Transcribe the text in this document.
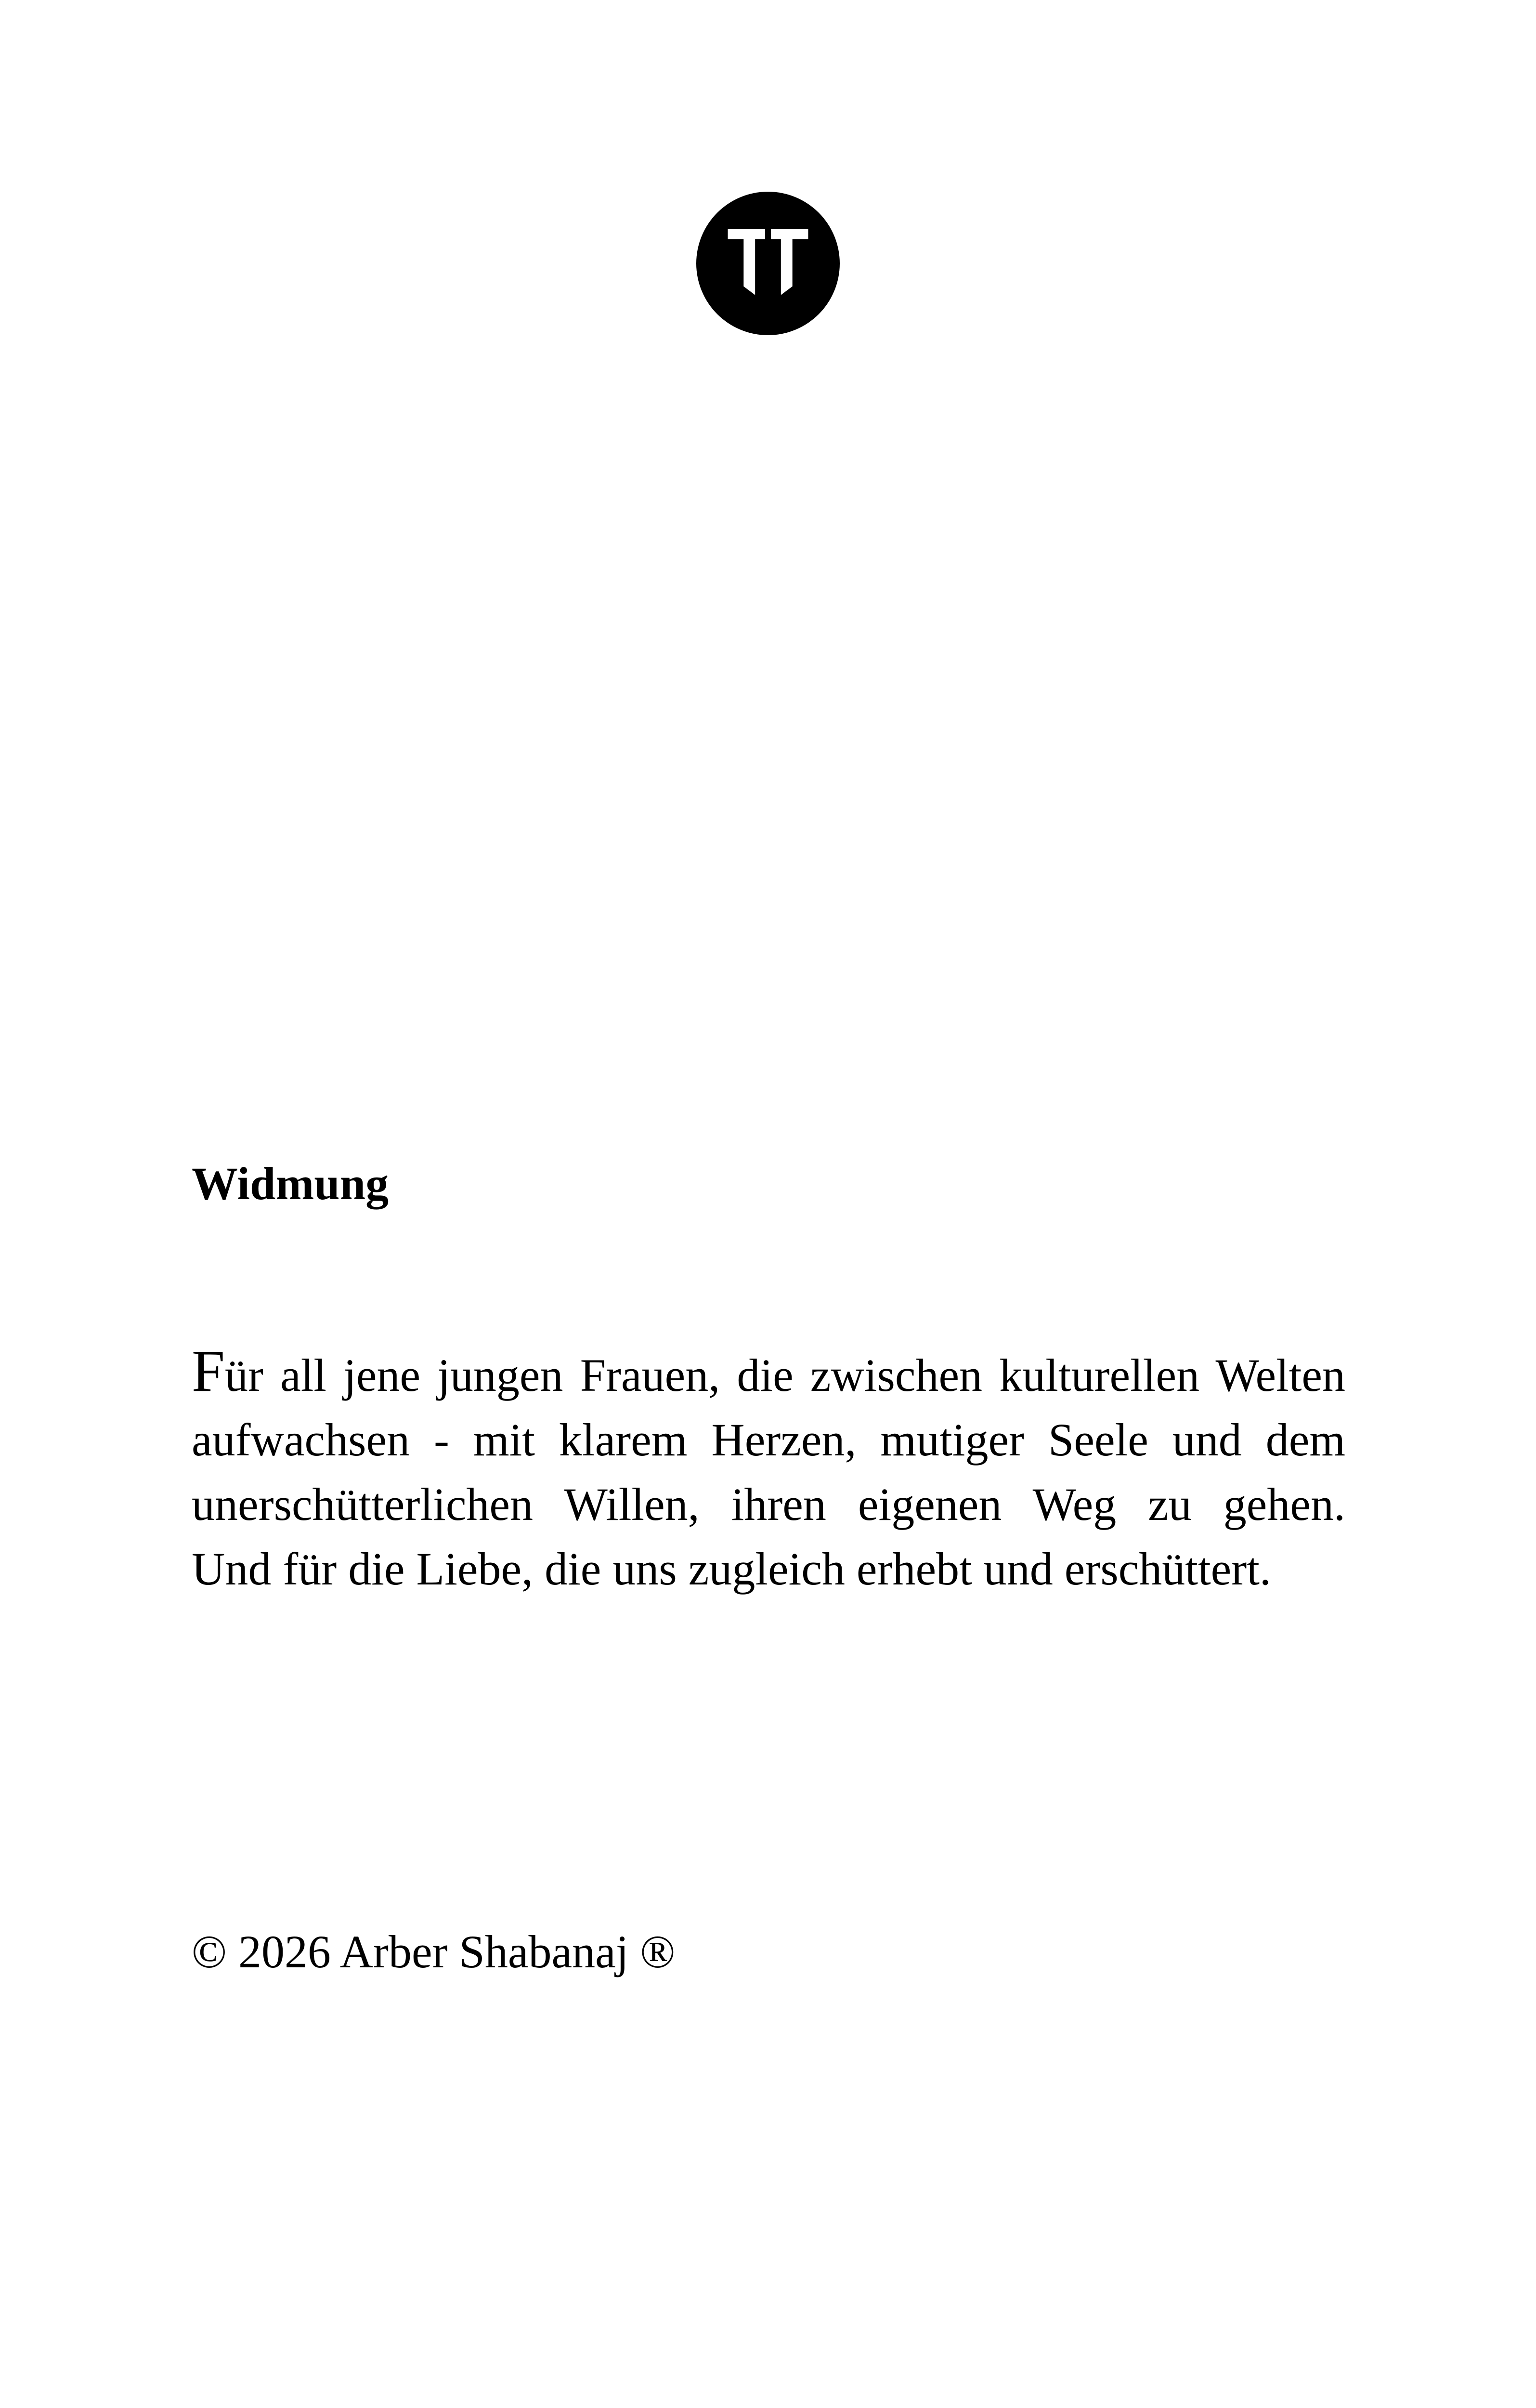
Widmung

Für all jene jungen Frauen, die zwischen kulturellen Welten
aufwachsen - mit klarem Herzen, mutiger Seele und dem
unerschütterlichen Willen, ihren eigenen Weg zu gehen.
Und für die Liebe, die uns zugleich erhebt und erschüttert.

© 2026 Arber Shabanaj ®
